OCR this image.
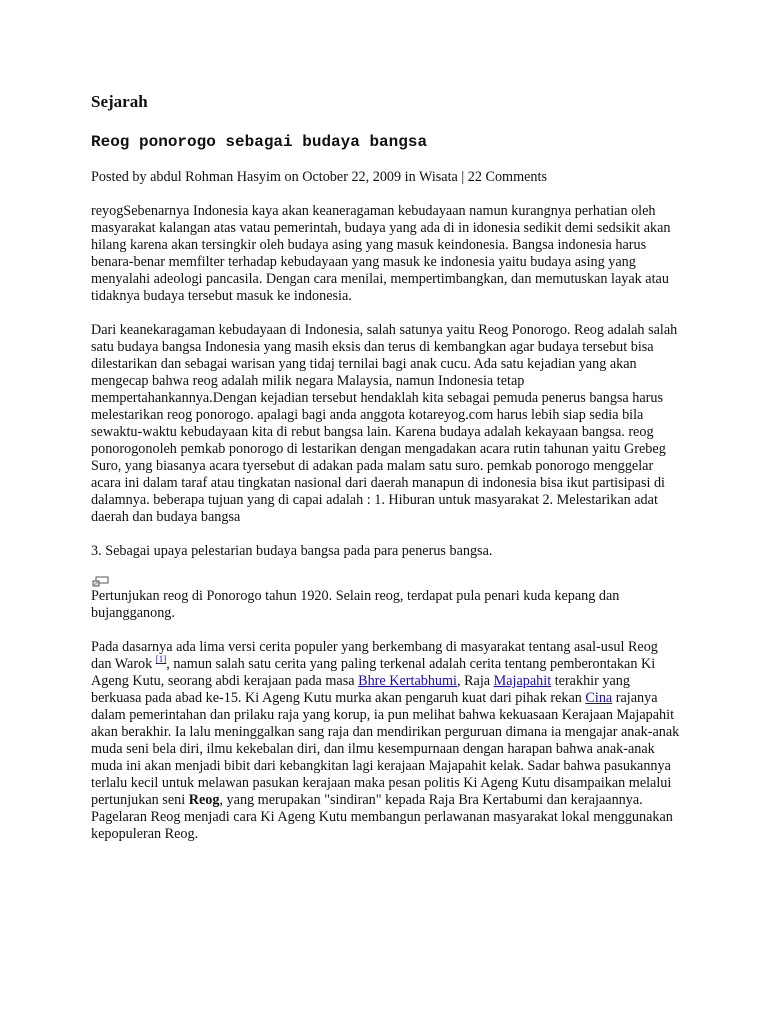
Sejarah
Reog ponorogo sebagai budaya bangsa

Posted by abdul Rohman Hasyim on October 22, 2009 in Wisata | 22 Comments

reyogSebenarnya Indonesia kaya akan keaneragaman kebudayaan namun kurangnya perhatian oleh masyarakat kalangan atas vatau pemerintah, budaya yang ada di in idonesia sedikit demi sedsikit akan hilang karena akan tersingkir oleh budaya asing yang masuk keindonesia. Bangsa indonesia harus benara-benar memfilter terhadap kebudayaan yang masuk ke indonesia yaitu budaya asing yang menyalahi adeologi pancasila. Dengan cara menilai, mempertimbangkan, dan memutuskan layak atau tidaknya budaya tersebut masuk ke indonesia.

Dari keanekaragaman kebudayaan di Indonesia, salah satunya yaitu Reog Ponorogo. Reog adalah salah satu budaya bangsa Indonesia yang masih eksis dan terus di kembangkan agar budaya tersebut bisa dilestarikan dan sebagai warisan yang tidaj ternilai bagi anak cucu. Ada satu kejadian yang akan mengecap bahwa reog adalah milik negara Malaysia, namun Indonesia tetap mempertahankannya.Dengan kejadian tersebut hendaklah kita sebagai pemuda penerus bangsa harus melestarikan reog ponorogo. apalagi bagi anda anggota kotareyog.com harus lebih siap sedia bila sewaktu-waktu kebudayaan kita di rebut bangsa lain. Karena budaya adalah kekayaan bangsa. reog ponorogonoleh pemkab ponorogo di lestarikan dengan mengadakan acara rutin tahunan yaitu Grebeg Suro, yang biasanya acara tyersebut di adakan pada malam satu suro. pemkab ponorogo menggelar acara ini dalam taraf atau tingkatan nasional dari daerah manapun di indonesia bisa ikut partisipasi di dalamnya. beberapa tujuan yang di capai adalah : 1. Hiburan untuk masyarakat 2. Melestarikan adat daerah dan budaya bangsa

3. Sebagai upaya pelestarian budaya bangsa pada para penerus bangsa.

Pertunjukan reog di Ponorogo tahun 1920. Selain reog, terdapat pula penari kuda kepang dan bujangganong.

Pada dasarnya ada lima versi cerita populer yang berkembang di masyarakat tentang asal-usul Reog dan Warok [1], namun salah satu cerita yang paling terkenal adalah cerita tentang pemberontakan Ki Ageng Kutu, seorang abdi kerajaan pada masa Bhre Kertabhumi, Raja Majapahit terakhir yang berkuasa pada abad ke-15. Ki Ageng Kutu murka akan pengaruh kuat dari pihak rekan Cina rajanya dalam pemerintahan dan prilaku raja yang korup, ia pun melihat bahwa kekuasaan Kerajaan Majapahit akan berakhir. Ia lalu meninggalkan sang raja dan mendirikan perguruan dimana ia mengajar anak-anak muda seni bela diri, ilmu kekebalan diri, dan ilmu kesempurnaan dengan harapan bahwa anak-anak muda ini akan menjadi bibit dari kebangkitan lagi kerajaan Majapahit kelak. Sadar bahwa pasukannya terlalu kecil untuk melawan pasukan kerajaan maka pesan politis Ki Ageng Kutu disampaikan melalui pertunjukan seni Reog, yang merupakan "sindiran" kepada Raja Bra Kertabumi dan kerajaannya. Pagelaran Reog menjadi cara Ki Ageng Kutu membangun perlawanan masyarakat lokal menggunakan kepopuleran Reog.
